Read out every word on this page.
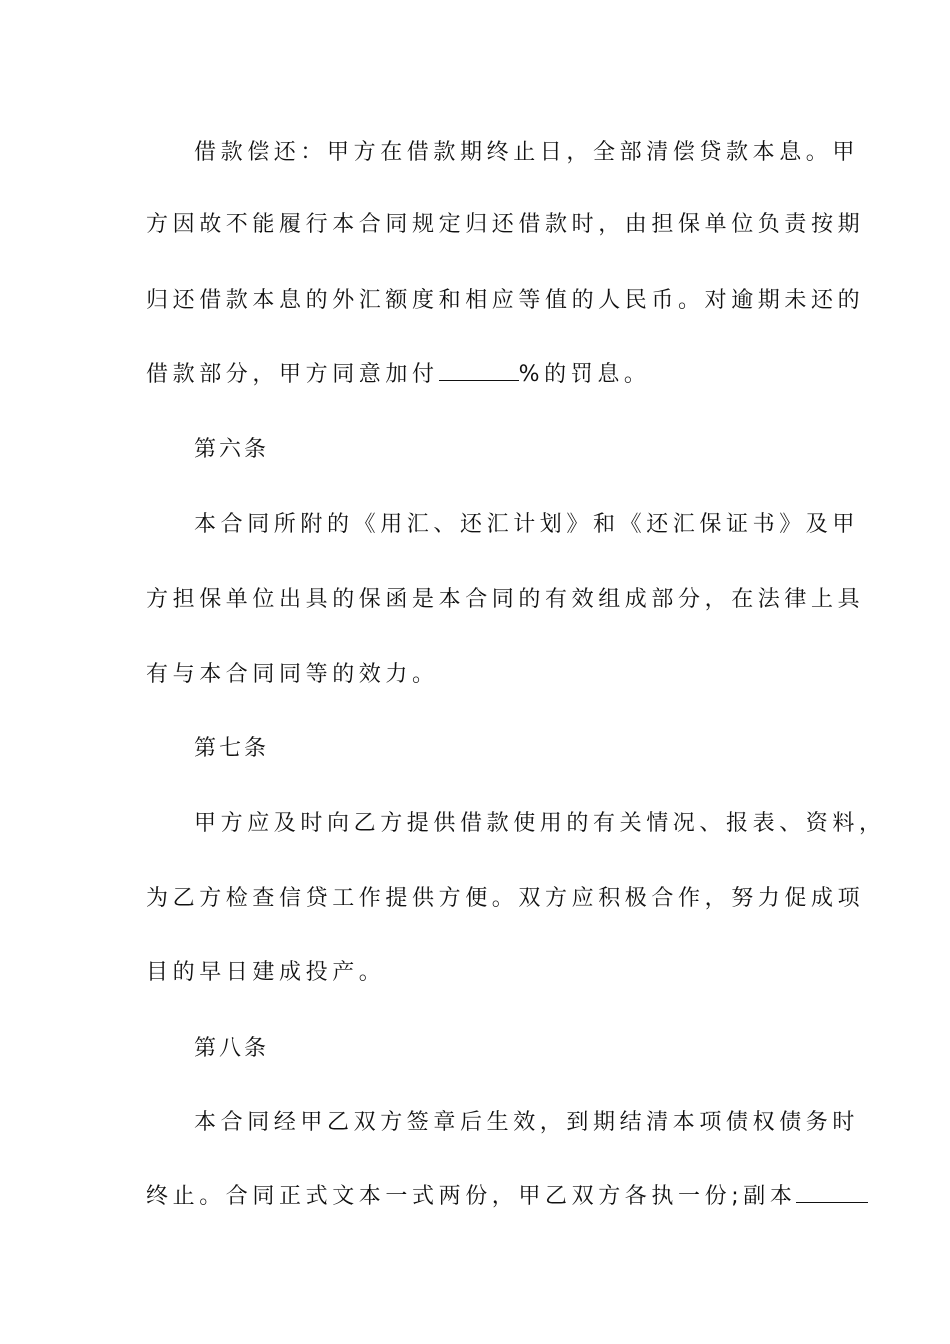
借款偿还：甲方在借款期终止日，全部清偿贷款本息。甲
方因故不能履行本合同规定归还借款时，由担保单位负责按期
归还借款本息的外汇额度和相应等值的人民币。对逾期未还的
借款部分，甲方同意加付	%的罚息。
第六条
本合同所附的《用汇、还汇计划》和《还汇保证书》及甲
方担保单位出具的保函是本合同的有效组成部分，在法律上具
有与本合同同等的效力。
第七条
甲方应及时向乙方提供借款使用的有关情况、报表、资料，
为乙方检查信贷工作提供方便。双方应积极合作，努力促成项
目的早日建成投产。
第八条
本合同经甲乙双方签章后生效，到期结清本项债权债务时
终止。合同正式文本一式两份，甲乙双方各执一份;副本
